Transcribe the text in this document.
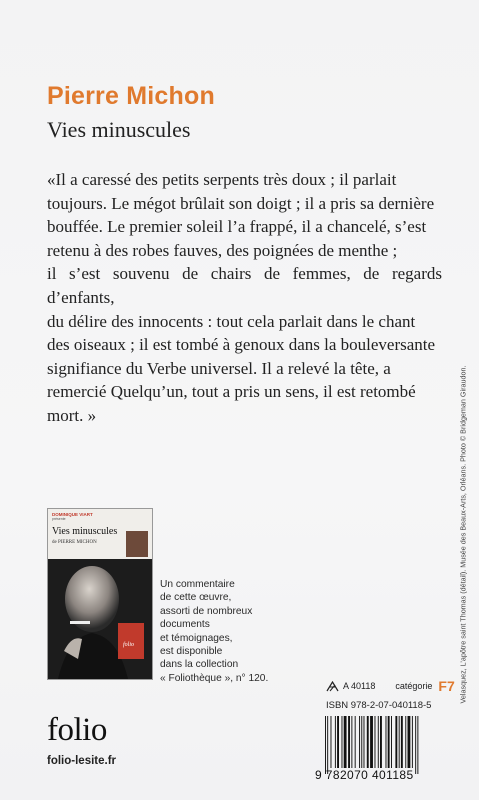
Pierre Michon
Vies minuscules
«Il a caressé des petits serpents très doux ; il parlait
toujours. Le mégot brûlait son doigt ; il a pris sa dernière
bouffée. Le premier soleil l’a frappé, il a chancelé, s’est
retenu à des robes fauves, des poignées de menthe ;
il s’est souvenu de chairs de femmes, de regards d’enfants,
du délire des innocents : tout cela parlait dans le chant
des oiseaux ; il est tombé à genoux dans la bouleversante
signifiance du Verbe universel. Il a relevé la tête, a
remercié Quelqu’un, tout a pris un sens, il est retombé
mort. »	Velasquez, L’apôtre saint Thomas (détail). Musée des Beaux-Arts, Orléans. Photo © Bridgeman Giraudon.
DOMINIQUE VIART
présente
Vies minuscules
de PIERRE MICHON
folio
Un commentaire
de cette œuvre,
assorti de nombreux
documents
et témoignages,
est disponible
dans la collection
« Foliothèque », n° 120.
A 40118 catégorie F7
ISBN 978-2-07-040118-5
9 782070 401185
folio
folio-lesite.fr
